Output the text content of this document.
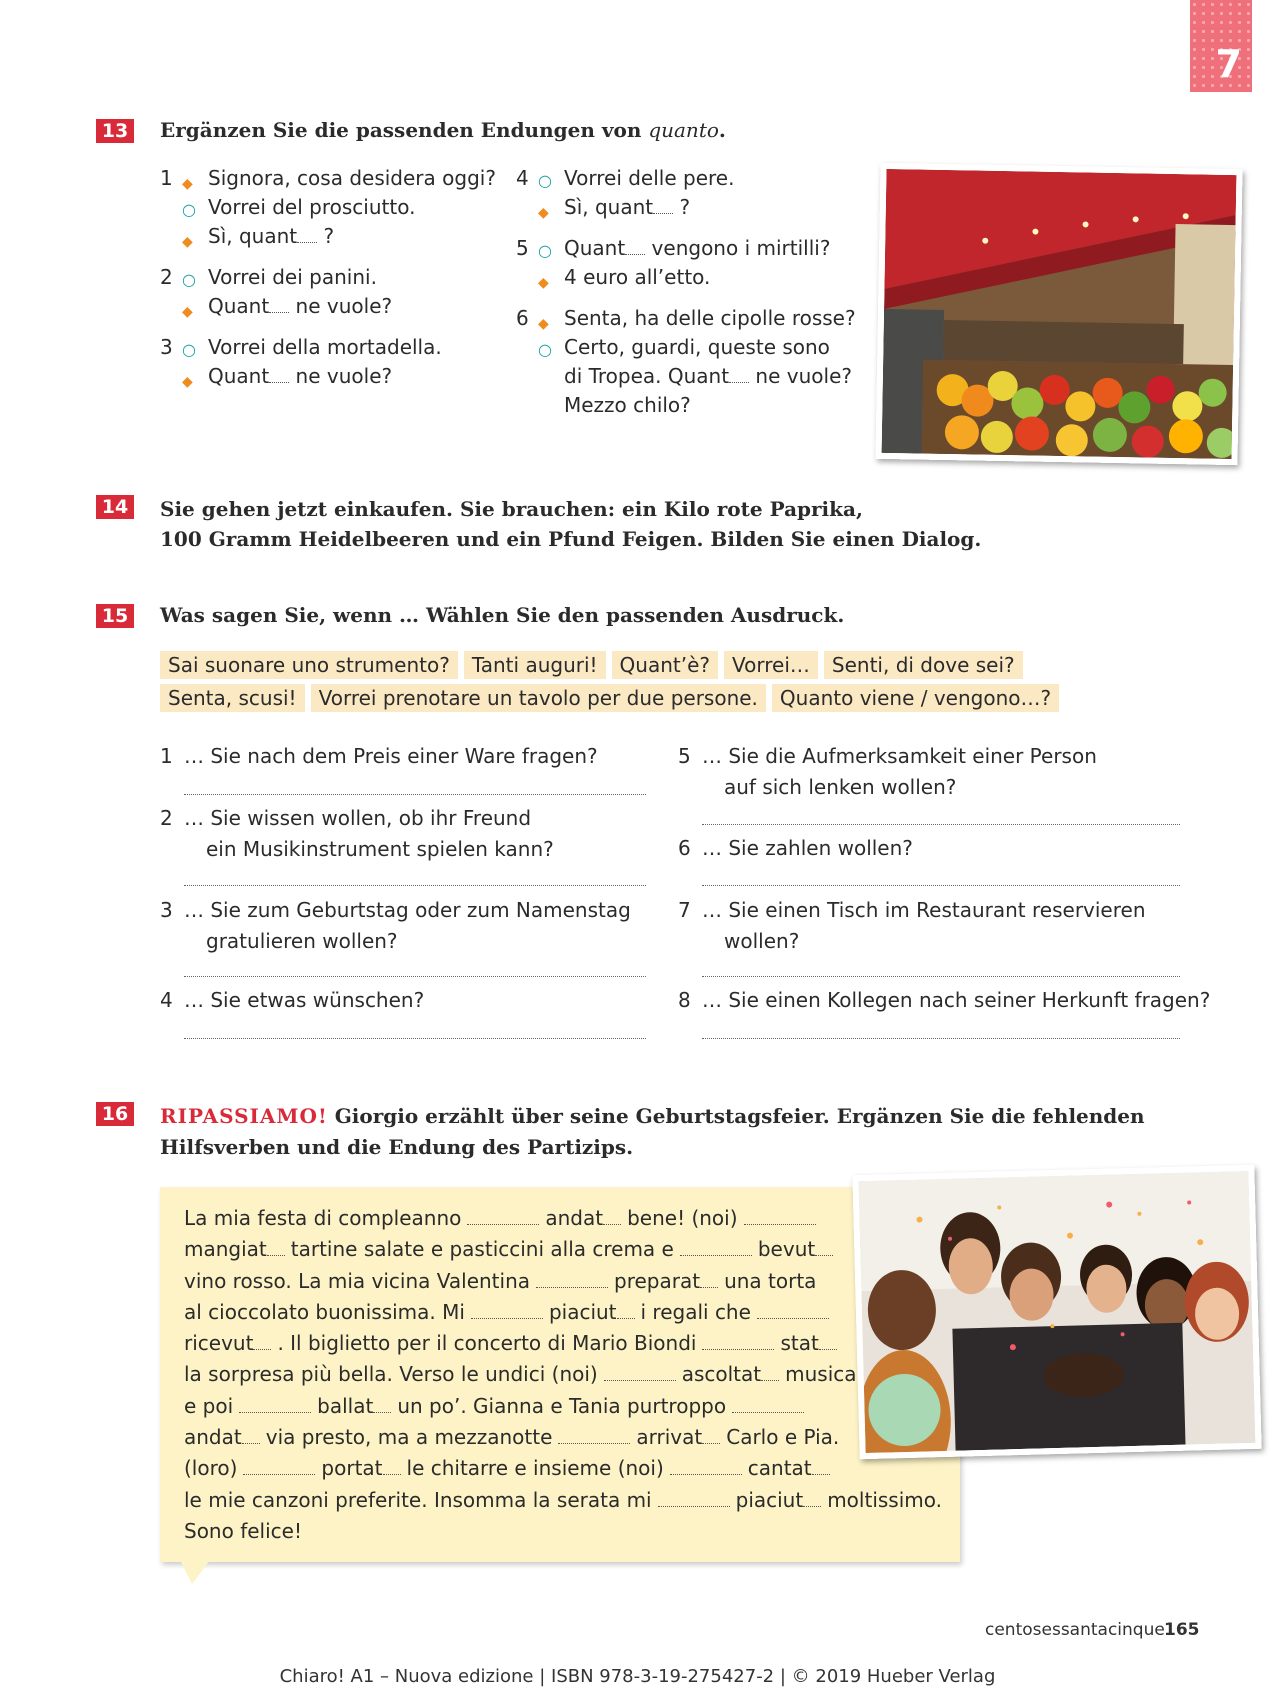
7
13 Ergänzen Sie die passenden Endungen von quanto.
1 ◆ Signora, cosa desidera oggi?
○ Vorrei del prosciutto.
◆ Sì, quant ?
2 ○ Vorrei dei panini.
◆ Quant ne vuole?
3 ○ Vorrei della mortadella.
◆ Quant ne vuole?
4 ○ Vorrei delle pere.
◆ Sì, quant ?
5 ○ Quant vengono i mirtilli?
◆ 4 euro all’etto.
6 ◆ Senta, ha delle cipolle rosse?
○ Certo, guardi, queste sono
di Tropea. Quant ne vuole?
Mezzo chilo?
14 Sie gehen jetzt einkaufen. Sie brauchen: ein Kilo rote Paprika,
100 Gramm Heidelbeeren und ein Pfund Feigen. Bilden Sie einen Dialog.
15 Was sagen Sie, wenn … Wählen Sie den passenden Ausdruck.
Sai suonare uno strumento?	Tanti auguri!	Quant’è?	Vorrei…	Senti, di dove sei?
Senta, scusi!	Vorrei prenotare un tavolo per due persone.	Quanto viene / vengono…?
1 … Sie nach dem Preis einer Ware fragen?
2 … Sie wissen wollen, ob ihr Freund
ein Musikinstrument spielen kann?
3 … Sie zum Geburtstag oder zum Namenstag
gratulieren wollen?
4 … Sie etwas wünschen?
5 … Sie die Aufmerksamkeit einer Person
auf sich lenken wollen?
6 … Sie zahlen wollen?
7 … Sie einen Tisch im Restaurant reservieren
wollen?
8 … Sie einen Kollegen nach seiner Herkunft fragen?
16 RIPASSIAMO! Giorgio erzählt über seine Geburtstagsfeier. Ergänzen Sie die fehlenden
Hilfsverben und die Endung des Partizips.
La mia festa di compleanno	andat bene! (noi)
mangiat tartine salate e pasticcini alla crema e	bevut
vino rosso. La mia vicina Valentina	preparat una torta
al cioccolato buonissima. Mi	piaciut i regali che
ricevut . Il biglietto per il concerto di Mario Biondi	stat
la sorpresa più bella. Verso le undici (noi)	ascoltat musica
e poi	ballat un po’. Gianna e Tania purtroppo
andat via presto, ma a mezzanotte	arrivat Carlo e Pia.
(loro)	portat le chitarre e insieme (noi)	cantat
le mie canzoni preferite. Insomma la serata mi	piaciut moltissimo.
Sono felice!
centosessantacinque 165
Chiaro! A1 – Nuova edizione | ISBN 978-3-19-275427-2 | © 2019 Hueber Verlag
